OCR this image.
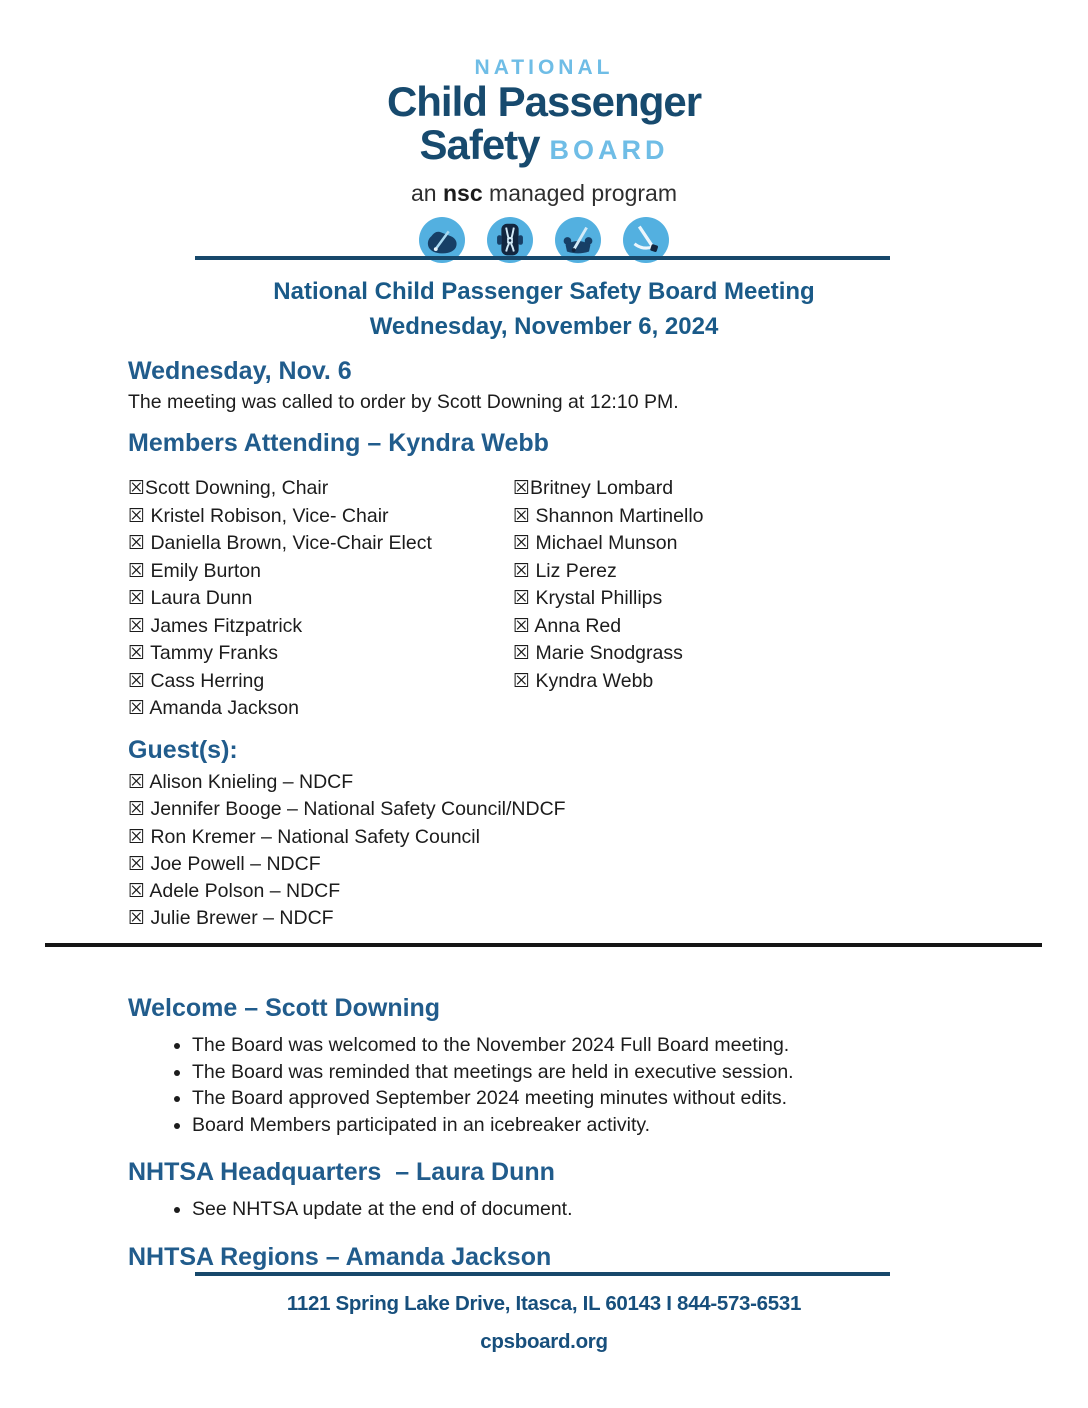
NATIONAL
Child Passenger
Safety BOARD
an nsc managed program
National Child Passenger Safety Board Meeting
Wednesday, November 6, 2024
Wednesday, Nov. 6
The meeting was called to order by Scott Downing at 12:10 PM.
Members Attending – Kyndra Webb
☒Scott Downing, Chair
☒ Kristel Robison, Vice- Chair
☒ Daniella Brown, Vice-Chair Elect
☒ Emily Burton
☒ Laura Dunn
☒ James Fitzpatrick
☒ Tammy Franks
☒ Cass Herring
☒ Amanda Jackson
☒Britney Lombard
☒ Shannon Martinello
☒ Michael Munson
☒ Liz Perez
☒ Krystal Phillips
☒ Anna Red
☒ Marie Snodgrass
☒ Kyndra Webb
Guest(s):
☒ Alison Knieling – NDCF
☒ Jennifer Booge – National Safety Council/NDCF
☒ Ron Kremer – National Safety Council
☒ Joe Powell – NDCF
☒ Adele Polson – NDCF
☒ Julie Brewer – NDCF
Welcome – Scott Downing
• The Board was welcomed to the November 2024 Full Board meeting.
• The Board was reminded that meetings are held in executive session.
• The Board approved September 2024 meeting minutes without edits.
• Board Members participated in an icebreaker activity.
NHTSA Headquarters  – Laura Dunn
• See NHTSA update at the end of document.
NHTSA Regions – Amanda Jackson
1121 Spring Lake Drive, Itasca, IL 60143 I 844-573-6531
cpsboard.org
